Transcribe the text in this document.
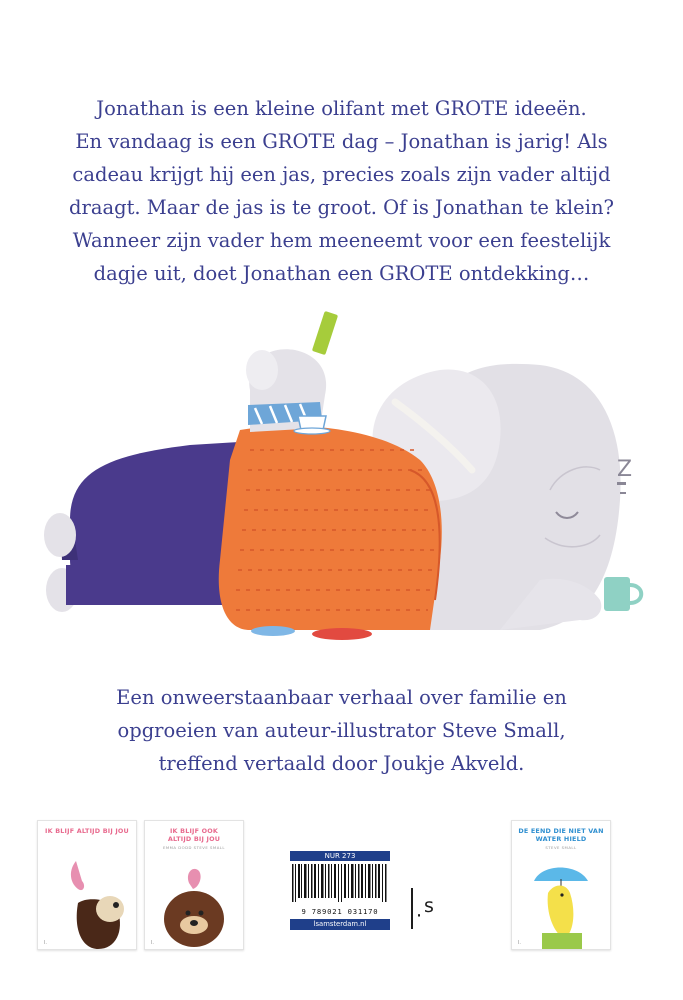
Jonathan is een kleine olifant met GROTE ideeën.
En vandaag is een GROTE dag – Jonathan is jarig! Als
cadeau krijgt hij een jas, precies zoals zijn vader altijd
draagt. Maar de jas is te groot. Of is Jonathan te klein?
Wanneer zijn vader hem meeneemt voor een feestelijk
dagje uit, doet Jonathan een GROTE ontdekking…
Z
Een onweerstaanbaar verhaal over familie en
opgroeien van auteur-illustrator Steve Small,
treffend vertaald door Joukje Akveld.
IK BLIJF ALTIJD BIJ JOU
l.
IK BLIJF OOK
ALTIJD BIJ JOU
EMMA DODD STEVE SMALL
l.
NUR 273
9 789021 031170
lsamsterdam.nl	· s
DE EEND DIE NIET VAN
WATER HIELD
STEVE SMALL
l.
